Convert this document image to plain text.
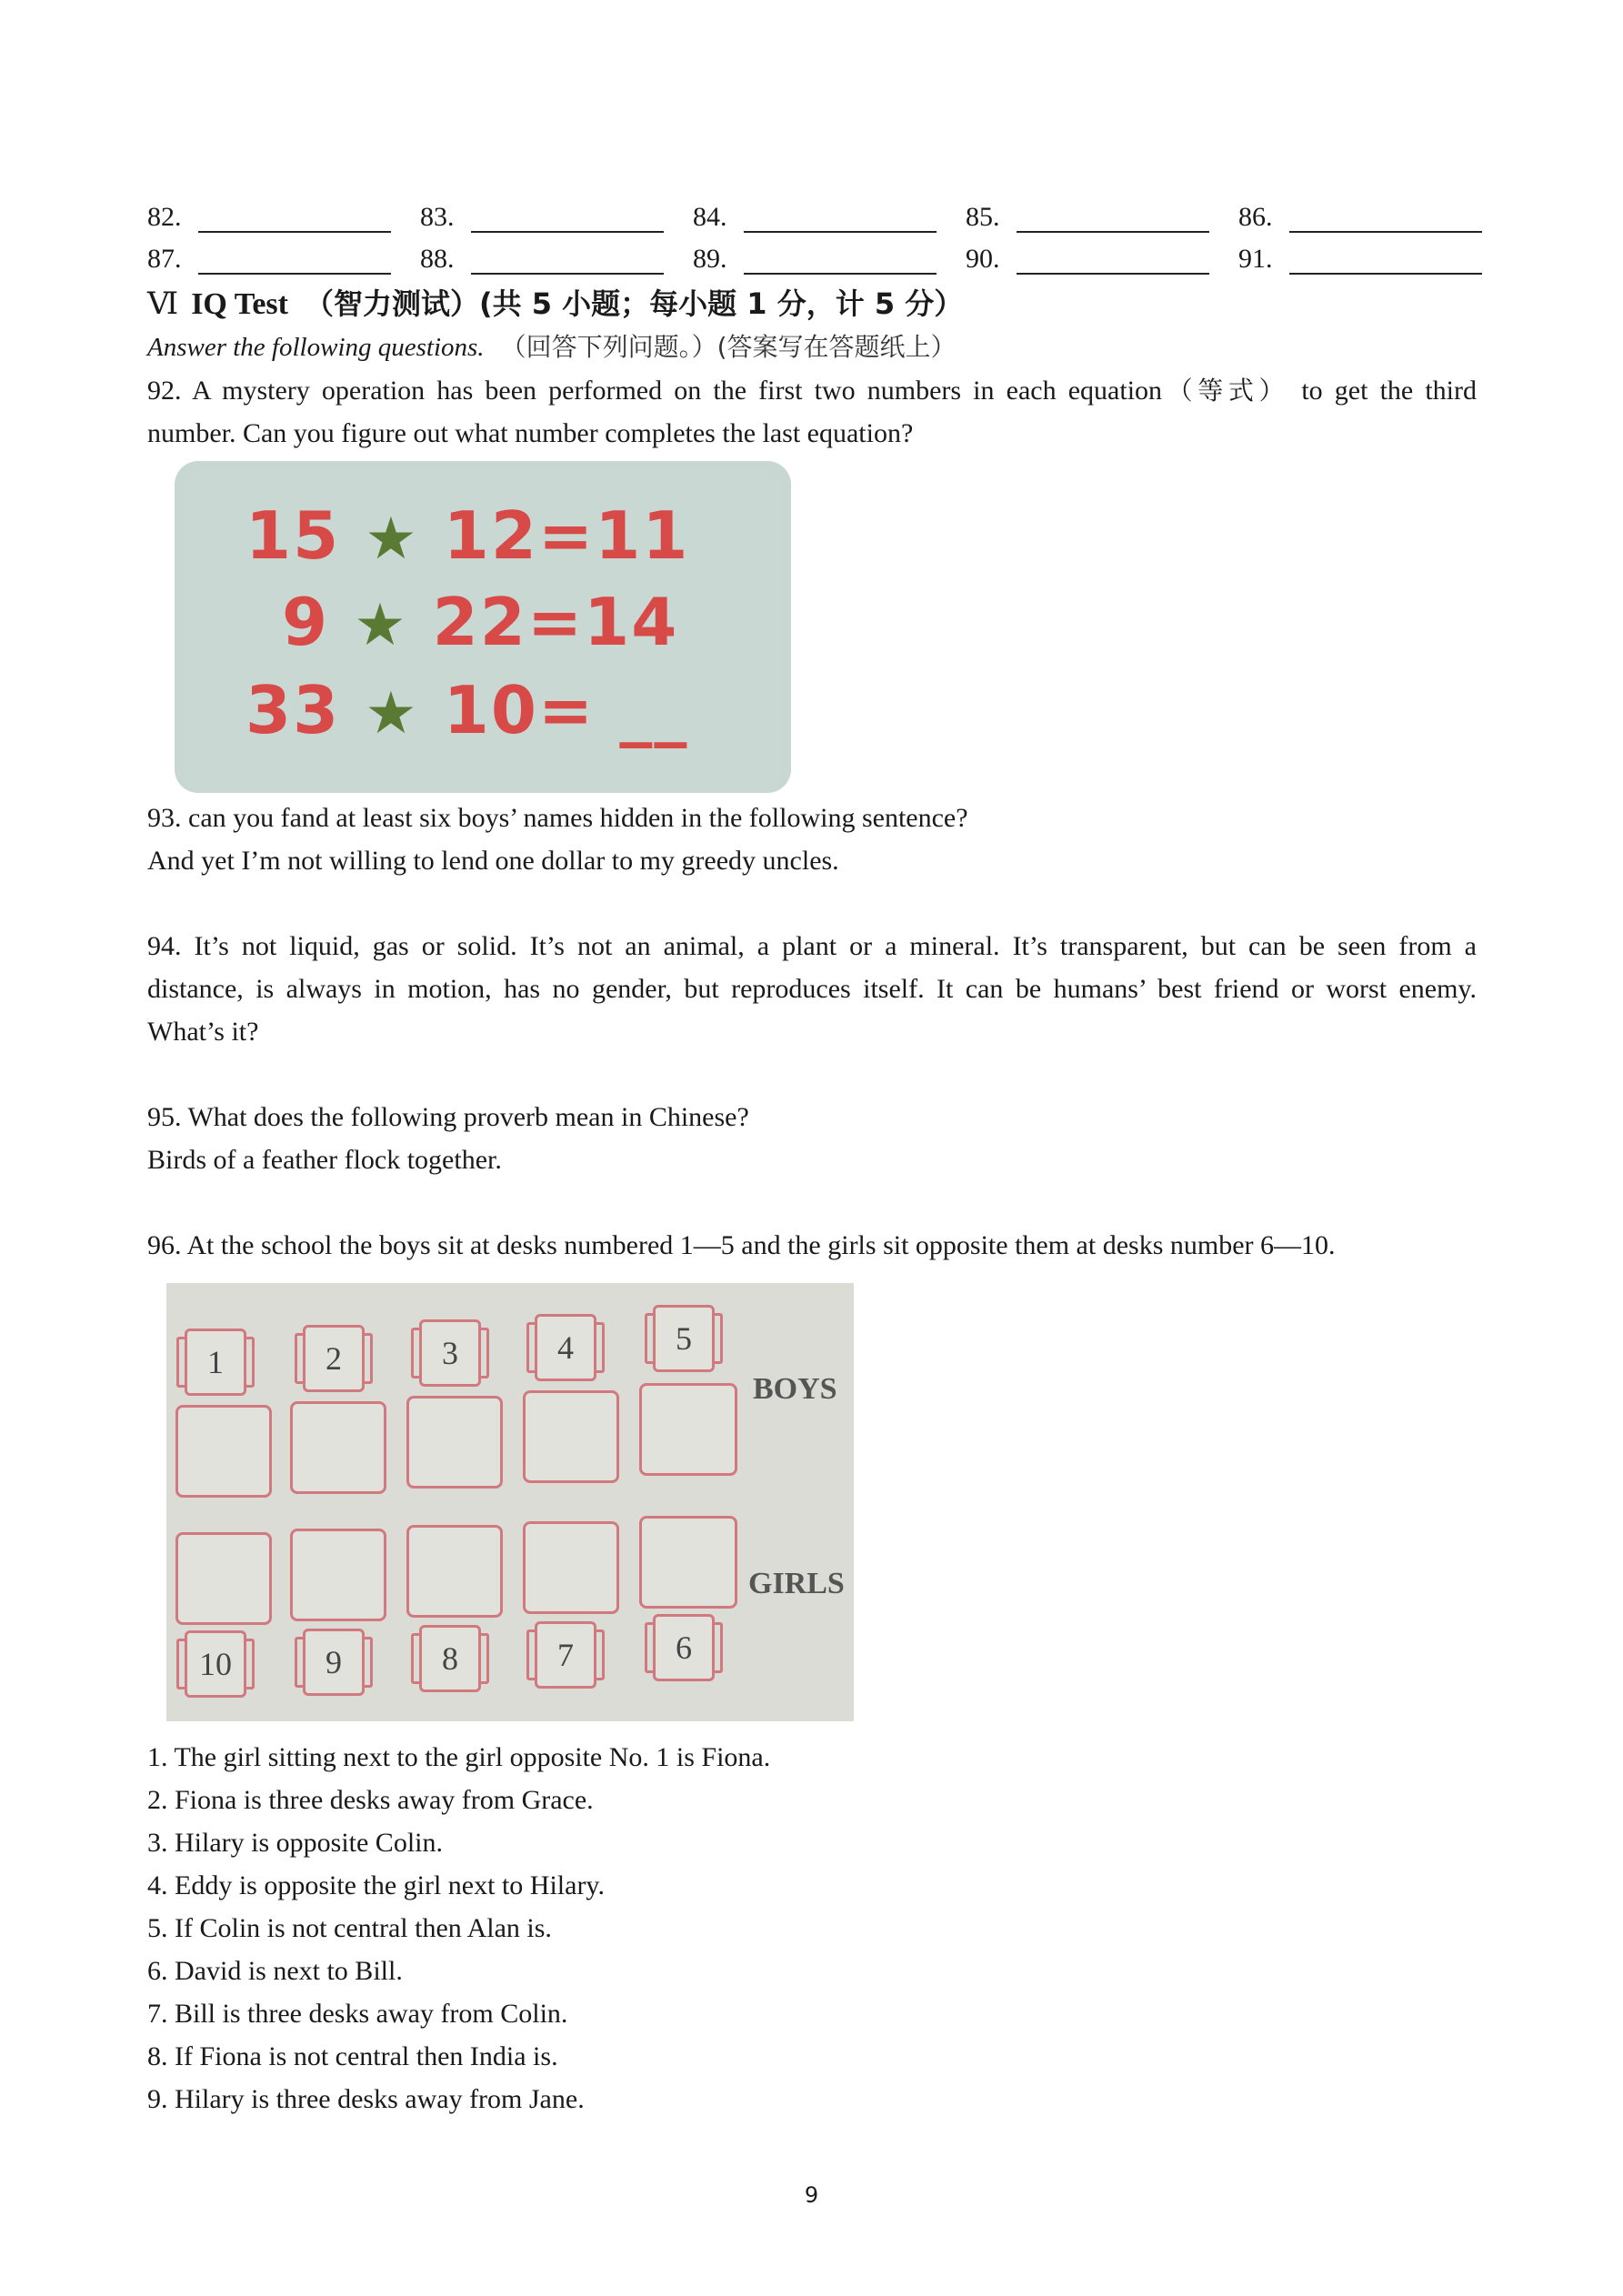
82.	83.	84.	85.	86.
87.	88.	89.	90.	91.
Ⅵ IQ Test （智力测试）(共 5 小题；每小题 1 分，计 5 分）
Answer the following questions. （回答下列问题。）(答案写在答题纸上）
92. A mystery operation has been performed on the first two numbers in each equation（等式） to get the third
number. Can you figure out what number completes the last equation?
15 ★ 12=11
9 ★ 22=14
33 ★ 10= __
93. can you fand at least six boys’ names hidden in the following sentence?
And yet I’m not willing to lend one dollar to my greedy uncles.
94. It’s not liquid, gas or solid. It’s not an animal, a plant or a mineral. It’s transparent, but can be seen from a
distance, is always in motion, has no gender, but reproduces itself. It can be humans’ best friend or worst enemy.
What’s it?
95. What does the following proverb mean in Chinese?
Birds of a feather flock together.
96. At the school the boys sit at desks numbered 1—5 and the girls sit opposite them at desks number 6—10.
1	2	3	4	5
BOYS
GIRLS
10	9	8	7	6
1. The girl sitting next to the girl opposite No. 1 is Fiona.
2. Fiona is three desks away from Grace.
3. Hilary is opposite Colin.
4. Eddy is opposite the girl next to Hilary.
5. If Colin is not central then Alan is.
6. David is next to Bill.
7. Bill is three desks away from Colin.
8. If Fiona is not central then India is.
9. Hilary is three desks away from Jane.
9
